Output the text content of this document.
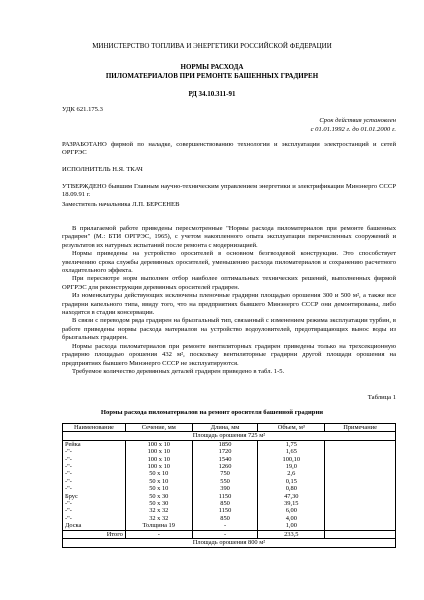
МИНИСТЕРСТВО ТОПЛИВА И ЭНЕРГЕТИКИ РОССИЙСКОЙ ФЕДЕРАЦИИ
НОРМЫ РАСХОДА
ПИЛОМАТЕРИАЛОВ ПРИ РЕМОНТЕ БАШЕННЫХ ГРАДИРЕН
РД 34.10.311-91
УДК 621.175.3
Срок действия установлен
с 01.01.1992 г. до 01.01.2000 г.
РАЗРАБОТАНО фирмой по наладке, совершенствованию технологии и эксплуатации электростанций и сетей ОРГРЭС
ИСПОЛНИТЕЛЬ Н.Я. ТКАЧ
УТВЕРЖДЕНО бывшим Главным научно-техническим управлением энергетики и электрификации Минэнерго СССР 18.09.91 г.
Заместитель начальника Л.П. БЕРСЕНЕВ
В прилагаемой работе приведены пересмотренные "Нормы расхода пиломатериалов при ремонте башенных градирен" (М.: БТИ ОРГРЭС, 1965), с учетом накопленного опыта эксплуатации перечисленных сооружений и результатов их натурных испытаний после ремонта с модернизацией.
Нормы приведены на устройство оросителей в основном безгвоздевой конструкции. Это способствует увеличению срока службы деревянных оросителей, уменьшению расхода пиломатериалов и сохранению расчетного охладительного эффекта.
При пересмотре норм выполнен отбор наиболее оптимальных технических решений, выполненных фирмой ОРГРЭС для реконструкции деревянных оросителей градирен.
Из номенклатуры действующих исключены пленочные градирни площадью орошения 300 и 500 м², а также все градирни капельного типа, ввиду того, что на предприятиях бывшего Минэнерго СССР они демонтированы, либо находятся в стадии консервации.
В связи с переводом ряда градирен на брызгальный тип, связанный с изменением режима эксплуатации турбин, в работе приведены нормы расхода материалов на устройство водоуловителей, предотвращающих вынос воды из брызгальных градирен.
Нормы расхода пиломатериалов при ремонте вентиляторных градирен приведены только на трехсекционную градирню площадью орошения 432 м², поскольку вентиляторные градирни другой площади орошения на предприятиях бывшего Минэнерго СССР не эксплуатируются.
Требуемое количество деревянных деталей градирен приведено в табл. 1-5.
Таблица 1
Нормы расхода пиломатериалов на ремонт оросителя башенной градирни
Наименование	Сечение, мм	Длина, мм	Объем, м³	Примечание
Площадь орошения 725 м²				
Рейка	100 x 10	1850	1,75	
-"-	100 x 10	1720	1,65	
-"-	100 x 10	1540	100,10	
-"-	100 x 10	1260	19,0	
-"-	50 x 10	750	2,6	
-"-	50 x 10	550	0,15	
-"-	50 x 10	390	0,80	
Брус	50 x 30	1150	47,30	
-"-	50 x 30	850	39,15	
-"-	32 x 32	1150	6,00	
-"-	32 x 32	850	4,00	
Доска	Толщина 19	-	1,00	
Итого	-	-	233,5	
Площадь орошения 800 м²				
